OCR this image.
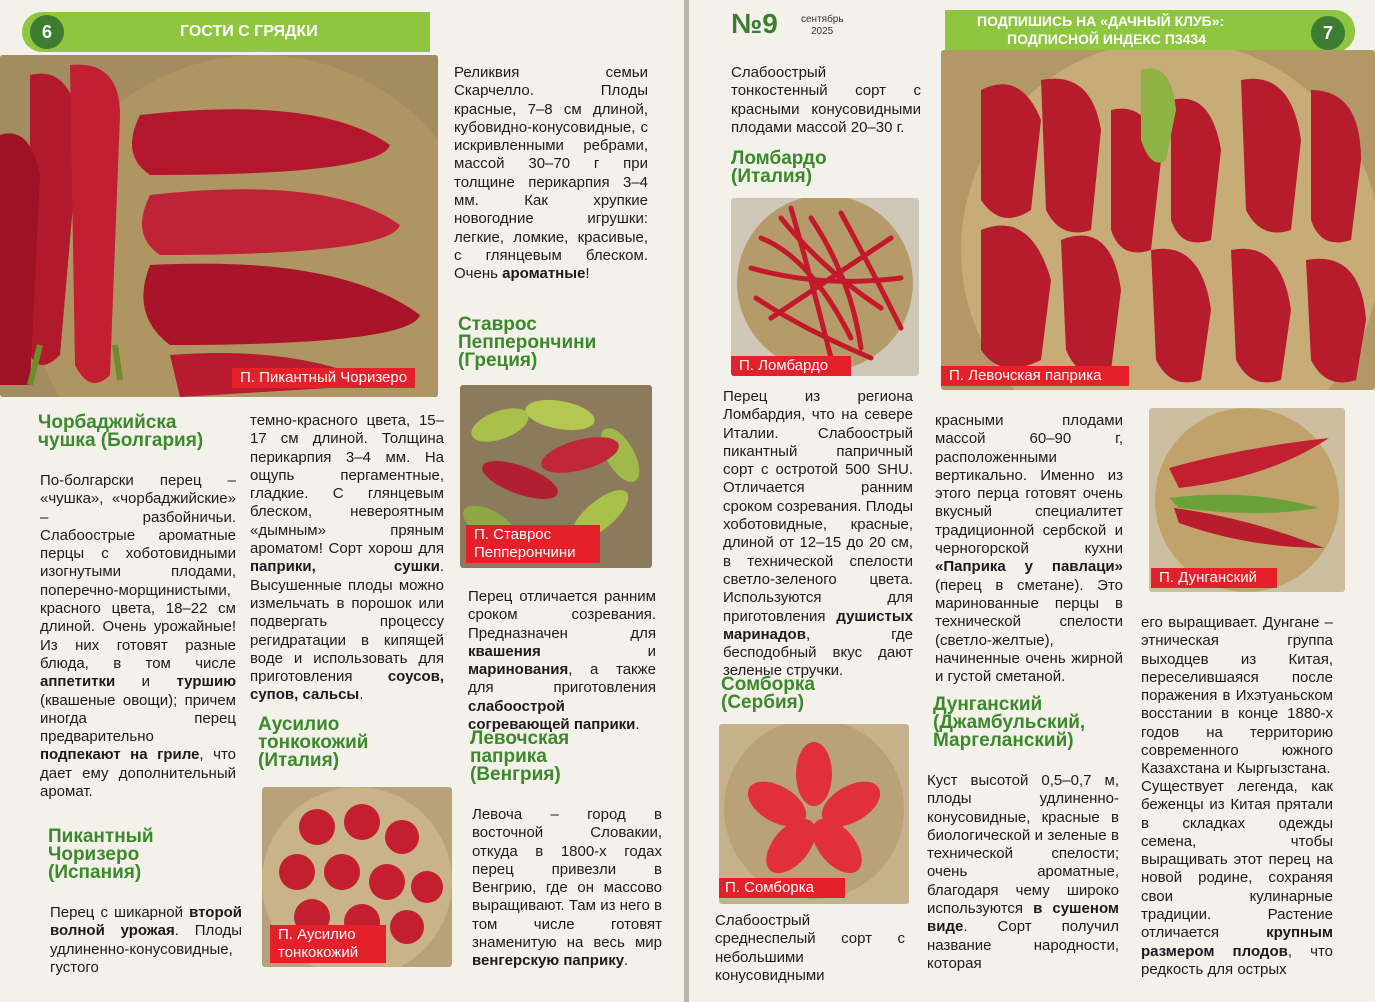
ГОСТИ С ГРЯДКИ
6
П. Пикантный Чоризеро
Реликвия семьи Скарчелло. Плоды красные, 7–8 см длиной, кубовидно-конусовидные, с искривленными ребрами, массой 30–70 г при толщине перикарпия 3–4 мм. Как хрупкие новогодние игрушки: легкие, ломкие, красивые, с глянцевым блеском. Очень ароматные!
Ставрос Пепперончини (Греция)
П. Ставрос Пепперончини
Перец отличается ранним сроком созревания. Предназначен для квашения	и маринования, а также для приготовления слабоострой согревающей паприки.
Левочская паприка (Венгрия)
Левоча – город в восточной Словакии, откуда в 1800-х годах перец привезли в Венгрию, где он массово выращивают. Там из него в том числе готовят знаменитую на весь мир венгерскую паприку.
Чорбаджийска чушка (Болгария)
По-болгарски перец – «чушка», «чорбаджийские» – разбойничьи. Слабоострые ароматные перцы с хоботовидными изогнутыми плодами, поперечно-морщинистыми, красного цвета, 18–22 см длиной. Очень урожайные! Из них готовят разные блюда, в том числе аппетитки и туршию (квашеные овощи); причем иногда перец предварительно подпекают на гриле, что дает ему дополнительный аромат.
Пикантный Чоризеро (Испания)
Перец с шикарной второй волной урожая. Плоды удлиненно-конусовидные, густого
темно-красного цвета, 15–17 см длиной. Толщина перикарпия 3–4 мм. На ощупь пергаментные, гладкие. С глянцевым блеском, невероятным «дымным» пряным ароматом! Сорт хорош для паприки, сушки. Высушенные плоды можно измельчать в порошок или подвергать процессу регидратации в кипящей воде и использовать для приготовления соусов, супов, сальсы.
Аусилио тонкокожий (Италия)
П. Аусилио тонкокожий
№9 сентябрь
2025
ПОДПИШИСЬ НА «ДАЧНЫЙ КЛУБ»:
ПОДПИСНОЙ ИНДЕКС П3434	7
Слабоострый тонкостенный сорт с красными конусовидными плодами массой 20–30 г.
Ломбардо (Италия)
П. Ломбардо
Перец из региона Ломбардия, что на севере Италии. Слабоострый пикантный папричный сорт с остротой 500 SHU. Отличается ранним сроком созревания. Плоды хоботовидные, красные, длиной от 12–15 до 20 см, в технической спелости светло-зеленого цвета. Используются для приготовления душистых маринадов, где бесподобный вкус дают зеленые стручки.
Сомборка (Сербия)
П. Сомборка
Слабоострый среднеспелый сорт с небольшими конусовидными
П. Левочская паприка
красными плодами массой 60–90 г, расположенными вертикально. Именно из этого перца готовят очень вкусный специалитет традиционной сербской и черногорской кухни «Паприка у павлаци» (перец в сметане). Это маринованные перцы в технической спелости (светло-желтые), начиненные очень жирной и густой сметаной.
Дунганский (Джамбульский, Маргеланский)
Куст высотой 0,5–0,7 м, плоды удлиненно-конусовидные, красные в биологической и зеленые в технической спелости; очень ароматные, благодаря чему широко используются в сушеном виде. Сорт получил название народности, которая
П. Дунганский
его выращивает. Дунгане – этническая группа выходцев из Китая, переселившаяся после поражения в Ихэтуаньском восстании в конце 1880-х годов на территорию современного южного Казахстана и Кыргызстана.
Существует легенда, как беженцы из Китая прятали в складках одежды семена, чтобы выращивать этот перец на новой родине, сохраняя свои кулинарные традиции. Растение отличается	крупным размером плодов, что редкость для острых
